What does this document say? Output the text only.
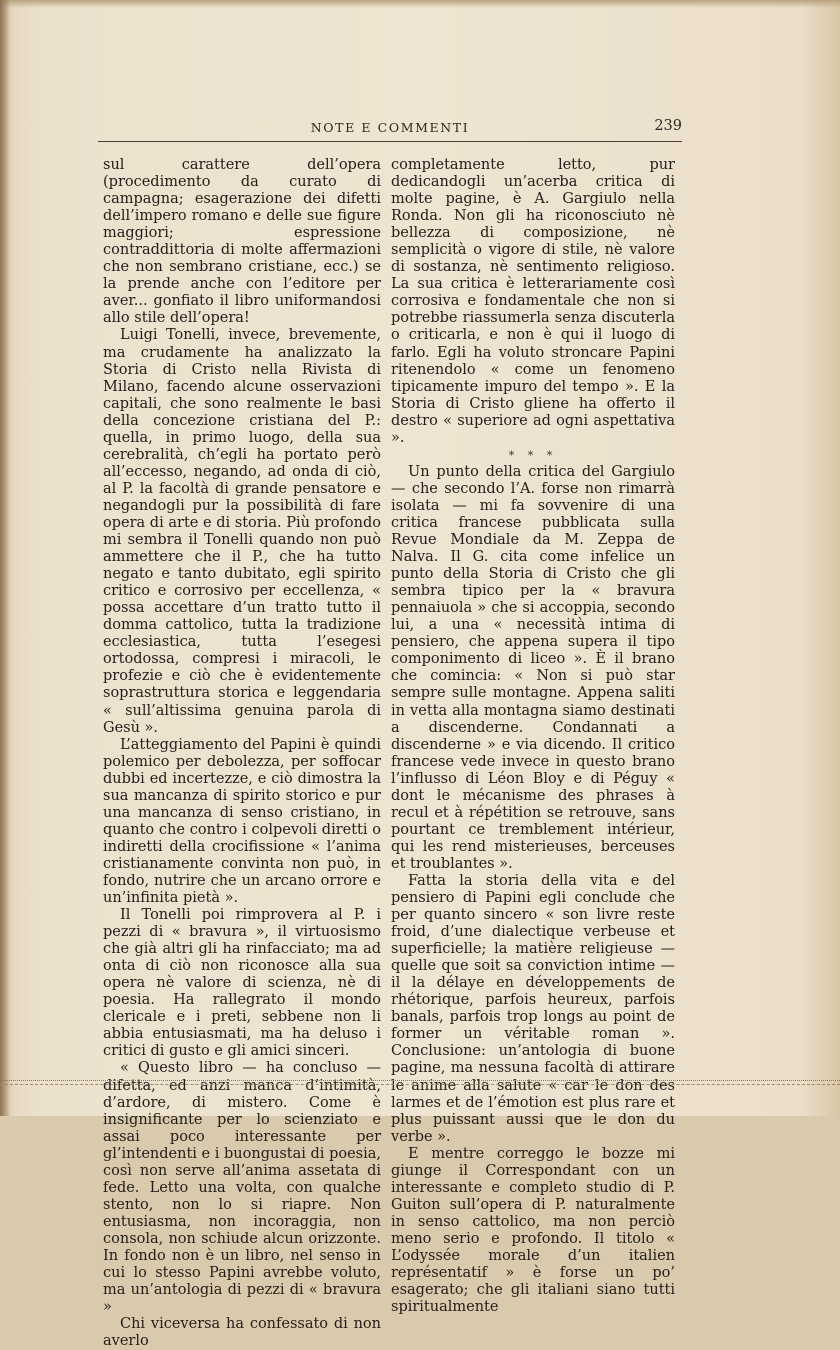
NOTE E COMMENTI	239

sul carattere dell’opera (procedimento da curato di campagna; esagerazione dei difetti dell’impero romano e delle sue figure maggiori; espressione contraddittoria di molte affermazioni che non sembrano cristiane, ecc.) se la prende anche con l’editore per aver... gonfiato il libro uniformandosi allo stile dell’opera!

Luigi Tonelli, invece, brevemente, ma crudamente ha analizzato la Storia di Cristo nella Rivista di Milano, facendo alcune osservazioni capitali, che sono realmente le basi della concezione cristiana del P.: quella, in primo luogo, della sua cerebralità, ch’egli ha portato però all’eccesso, negando, ad onda di ciò, al P. la facoltà di grande pensatore e negandogli pur la possibilità di fare opera di arte e di storia. Più profondo mi sembra il Tonelli quando non può ammettere che il P., che ha tutto negato e tanto dubitato, egli spirito critico e corrosivo per eccellenza, « possa accettare d’un tratto tutto il domma cattolico, tutta la tradizione ecclesiastica, tutta l’esegesi ortodossa, compresi i miracoli, le profezie e ciò che è evidentemente soprastruttura storica e leggendaria « sull’altissima genuina parola di Gesù ».

L’atteggiamento del Papini è quindi polemico per debolezza, per soffocar dubbi ed incertezze, e ciò dimostra la sua mancanza di spirito storico e pur una mancanza di senso cristiano, in quanto che contro i colpevoli diretti o indiretti della crocifissione « l’anima cristianamente convinta non può, in fondo, nutrire che un arcano orrore e un’infinita pietà ».

Il Tonelli poi rimprovera al P. i pezzi di « bravura », il virtuosismo che già altri gli ha rinfacciato; ma ad onta di ciò non riconosce alla sua opera nè valore di scienza, nè di poesia. Ha rallegrato il mondo clericale e i preti, sebbene non li abbia entusiasmati, ma ha deluso i critici di gusto e gli amici sinceri.

« Questo libro — ha concluso — difetta, ed anzi manca d’intimità, d’ardore, di mistero. Come è insignificante per lo scienziato e assai poco interessante per gl’intendenti e i buongustai di poesia, così non serve all’anima assetata di fede. Letto una volta, con qualche stento, non lo si riapre. Non entusiasma, non incoraggia, non consola, non schiude alcun orizzonte. In fondo non è un libro, nel senso in cui lo stesso Papini avrebbe voluto, ma un’antologia di pezzi di « bravura »

Chi viceversa ha confessato di non averlo

completamente letto, pur dedicandogli un’acerba critica di molte pagine, è A. Gargiulo nella Ronda. Non gli ha riconosciuto nè bellezza di composizione, nè semplicità o vigore di stile, nè valore di sostanza, nè sentimento religioso. La sua critica è letterariamente così corrosiva e fondamentale che non si potrebbe riassumerla senza discuterla o criticarla, e non è qui il luogo di farlo. Egli ha voluto stroncare Papini ritenendolo « come un fenomeno tipicamente impuro del tempo ». E la Storia di Cristo gliene ha offerto il destro « superiore ad ogni aspettativa ».

* * *

Un punto della critica del Gargiulo — che secondo l’A. forse non rimarrà isolata — mi fa sovvenire di una critica francese pubblicata sulla Revue Mondiale da M. Zeppa de Nalva. Il G. cita come infelice un punto della Storia di Cristo che gli sembra tipico per la « bravura pennaiuola » che si accoppia, secondo lui, a una « necessità intima di pensiero, che appena supera il tipo componimento di liceo ». È il brano che comincia: « Non si può star sempre sulle montagne. Appena saliti in vetta alla montagna siamo destinati a discenderne. Condannati a discenderne » e via dicendo. Il critico francese vede invece in questo brano l’influsso di Léon Bloy e di Péguy « dont le mécanisme des phrases à recul et à répétition se retrouve, sans pourtant ce tremblement intérieur, qui les rend misterieuses, berceuses et troublantes ».

Fatta la storia della vita e del pensiero di Papini egli conclude che per quanto sincero « son livre reste froid, d’une dialectique verbeuse et superficielle; la matière religieuse — quelle que soit sa conviction intime — il la délaye en développements de rhétorique, parfois heureux, parfois banals, parfois trop longs au point de former un véritable roman ». Conclusione: un’antologia di buone pagine, ma nessuna facoltà di attirare le anime alla salute « car le don des larmes et de l’émotion est plus rare et plus puissant aussi que le don du verbe ».

E mentre correggo le bozze mi giunge il Correspondant con un interessante e completo studio di P. Guiton sull’opera di P. naturalmente in senso cattolico, ma non perciò meno serio e profondo. Il titolo « L’odyssée morale d’un italien représentatif » è forse un po’ esagerato; che gli italiani siano tutti spiritualmente
